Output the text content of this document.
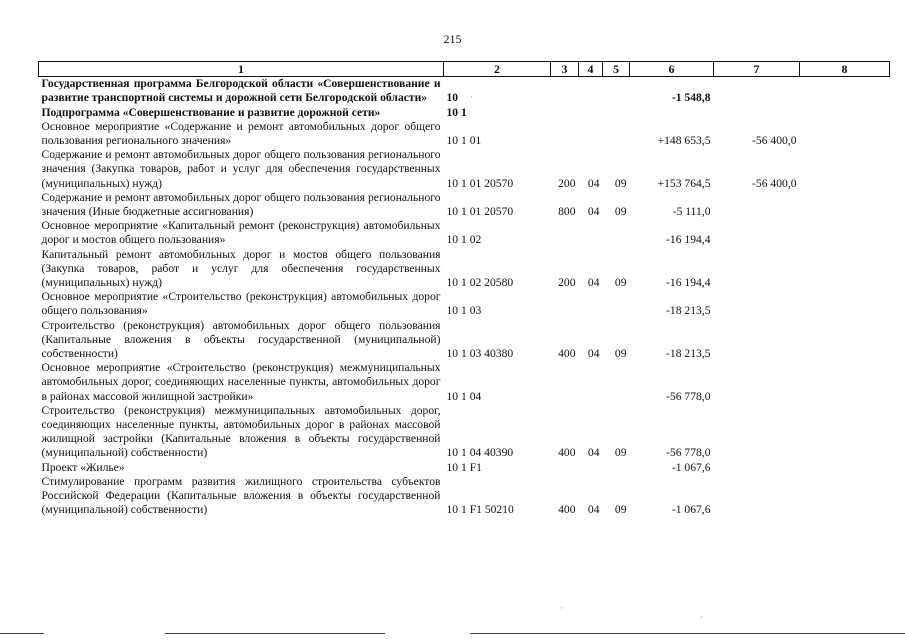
215
1	2	3	4	5	6	7	8
Государственная программа Белгородской области «Совершенствование и развитие транспортной системы и дорожной сети Белгородской области»	10				-1 548,8		
Подпрограмма «Совершенствование и развитие дорожной сети»	10 1						
Основное мероприятие «Содержание и ремонт автомобильных дорог общего пользования регионального значения»	10 1 01				+148 653,5	-56 400,0	
Содержание и ремонт автомобильных дорог общего пользования регионального значения (Закупка товаров, работ и услуг для обеспечения государственных (муниципальных) нужд)	10 1 01 20570	200	04	09	+153 764,5	-56 400,0	
Содержание и ремонт автомобильных дорог общего пользования регионального значения (Иные бюджетные ассигнования)	10 1 01 20570	800	04	09	-5 111,0		
Основное мероприятие «Капитальный ремонт (реконструкция) автомобильных дорог и мостов общего пользования»	10 1 02				-16 194,4		
Капитальный ремонт автомобильных дорог и мостов общего пользования (Закупка товаров, работ и услуг для обеспечения государственных (муниципальных) нужд)	10 1 02 20580	200	04	09	-16 194,4		
Основное мероприятие «Строительство (реконструкция) автомобильных дорог общего пользования»	10 1 03				-18 213,5		
Строительство (реконструкция) автомобильных дорог общего пользования (Капитальные вложения в объекты государственной (муниципальной) собственности)	10 1 03 40380	400	04	09	-18 213,5		
Основное мероприятие «Строительство (реконструкция) межмуниципальных автомобильных дорог, соединяющих населенные пункты, автомобильных дорог в районах массовой жилищной застройки»	10 1 04				-56 778,0		
Строительство (реконструкция) межмуниципальных автомобильных дорог, соединяющих населенные пункты, автомобильных дорог в районах массовой жилищной застройки (Капитальные вложения в объекты государственной (муниципальной) собственности)	10 1 04 40390	400	04	09	-56 778,0		
Проект «Жилье»	10 1 F1				-1 067,6		
Стимулирование программ развития жилищного строительства субъектов Российской Федерации (Капитальные вложения в объекты государственной (муниципальной) собственности)	10 1 F1 50210	400	04	09	-1 067,6		
·
·
·
